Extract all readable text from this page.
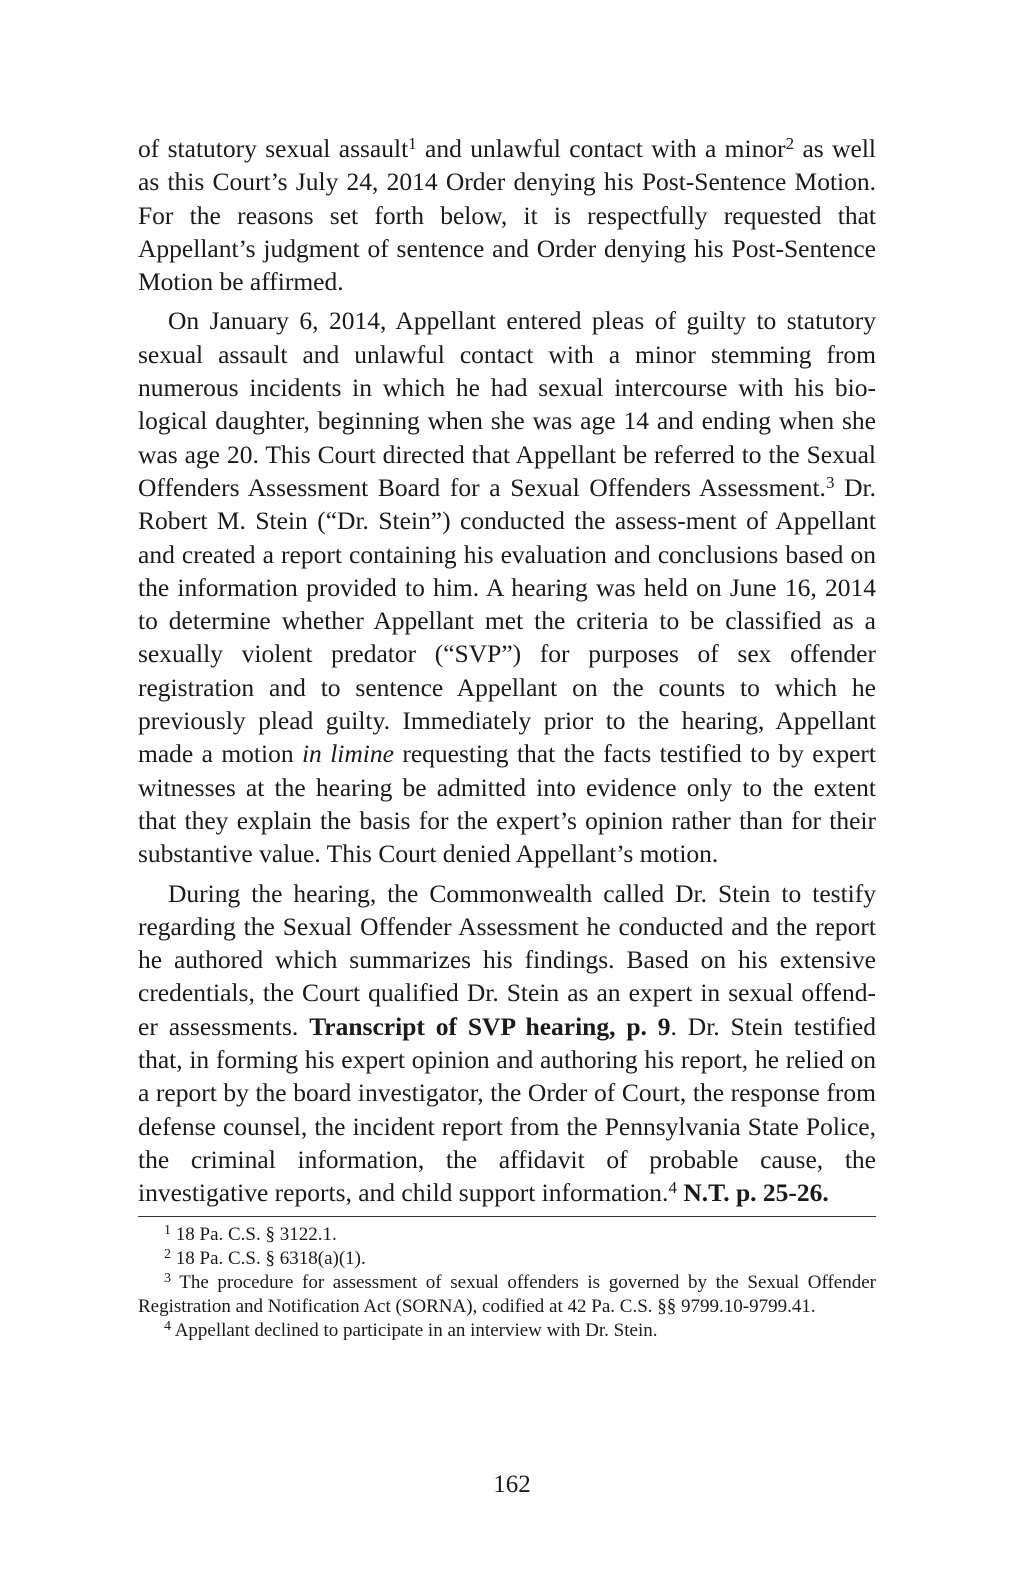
of statutory sexual assault$^1$ and unlawful contact with a minor$^2$ as well as this Court’s July 24, 2014 Order denying his Post-Sentence Motion. For the reasons set forth below, it is respectfully requested that Appellant’s judgment of sentence and Order denying his Post-Sentence Motion be affirmed.

On January 6, 2014, Appellant entered pleas of guilty to statutory sexual assault and unlawful contact with a minor stemming from numerous incidents in which he had sexual intercourse with his bio-logical daughter, beginning when she was age 14 and ending when she was age 20. This Court directed that Appellant be referred to the Sexual Offenders Assessment Board for a Sexual Offenders Assessment.$^3$ Dr. Robert M. Stein (“Dr. Stein”) conducted the assess-ment of Appellant and created a report containing his evaluation and conclusions based on the information provided to him. A hearing was held on June 16, 2014 to determine whether Appellant met the criteria to be classified as a sexually violent predator (“SVP”) for purposes of sex offender registration and to sentence Appellant on the counts to which he previously plead guilty. Immediately prior to the hearing, Appellant made a motion in limine requesting that the facts testified to by expert witnesses at the hearing be admitted into evidence only to the extent that they explain the basis for the expert’s opinion rather than for their substantive value. This Court denied Appellant’s motion.

During the hearing, the Commonwealth called Dr. Stein to testify regarding the Sexual Offender Assessment he conducted and the report he authored which summarizes his findings. Based on his extensive credentials, the Court qualified Dr. Stein as an expert in sexual offend-er assessments. Transcript of SVP hearing, p. 9. Dr. Stein testified that, in forming his expert opinion and authoring his report, he relied on a report by the board investigator, the Order of Court, the response from defense counsel, the incident report from the Pennsylvania State Police, the criminal information, the affidavit of probable cause, the investigative reports, and child support information.$^4$ N.T. p. 25-26.

$^1$ 18 Pa. C.S. § 3122.1.

$^2$ 18 Pa. C.S. § 6318(a)(1).

$^3$ The procedure for assessment of sexual offenders is governed by the Sexual Offender Registration and Notification Act (SORNA), codified at 42 Pa. C.S. §§ 9799.10-9799.41.

$^4$ Appellant declined to participate in an interview with Dr. Stein.

162
